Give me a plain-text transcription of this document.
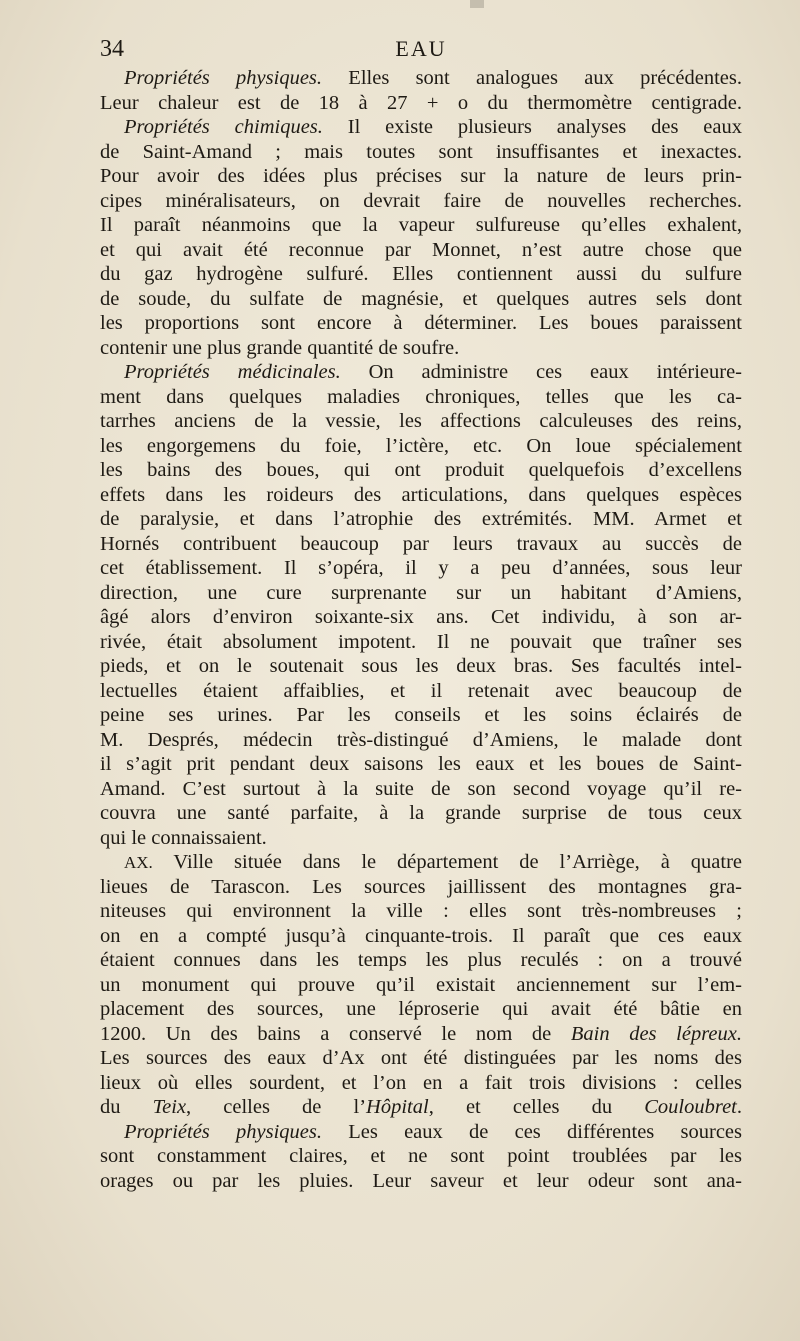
34	EAU
Propriétés physiques. Elles sont analogues aux précédentes.
Leur chaleur est de 18 à 27 + o du thermomètre centigrade.
Propriétés chimiques. Il existe plusieurs analyses des eaux
de Saint-Amand ; mais toutes sont insuffisantes et inexactes.
Pour avoir des idées plus précises sur la nature de leurs prin-
cipes minéralisateurs, on devrait faire de nouvelles recherches.
Il paraît néanmoins que la vapeur sulfureuse qu’elles exhalent,
et qui avait été reconnue par Monnet, n’est autre chose que
du gaz hydrogène sulfuré. Elles contiennent aussi du sulfure
de soude, du sulfate de magnésie, et quelques autres sels dont
les proportions sont encore à déterminer. Les boues paraissent
contenir une plus grande quantité de soufre.
Propriétés médicinales. On administre ces eaux intérieure-
ment dans quelques maladies chroniques, telles que les ca-
tarrhes anciens de la vessie, les affections calculeuses des reins,
les engorgemens du foie, l’ictère, etc. On loue spécialement
les bains des boues, qui ont produit quelquefois d’excellens
effets dans les roideurs des articulations, dans quelques espèces
de paralysie, et dans l’atrophie des extrémités. MM. Armet et
Hornés contribuent beaucoup par leurs travaux au succès de
cet établissement. Il s’opéra, il y a peu d’années, sous leur
direction, une cure surprenante sur un habitant d’Amiens,
âgé alors d’environ soixante-six ans. Cet individu, à son ar-
rivée, était absolument impotent. Il ne pouvait que traîner ses
pieds, et on le soutenait sous les deux bras. Ses facultés intel-
lectuelles étaient affaiblies, et il retenait avec beaucoup de
peine ses urines. Par les conseils et les soins éclairés de
M. Després, médecin très-distingué d’Amiens, le malade dont
il s’agit prit pendant deux saisons les eaux et les boues de Saint-
Amand. C’est surtout à la suite de son second voyage qu’il re-
couvra une santé parfaite, à la grande surprise de tous ceux
qui le connaissaient.
AX. Ville située dans le département de l’Arriège, à quatre
lieues de Tarascon. Les sources jaillissent des montagnes gra-
niteuses qui environnent la ville : elles sont très-nombreuses ;
on en a compté jusqu’à cinquante-trois. Il paraît que ces eaux
étaient connues dans les temps les plus reculés : on a trouvé
un monument qui prouve qu’il existait anciennement sur l’em-
placement des sources, une léproserie qui avait été bâtie en
1200. Un des bains a conservé le nom de Bain des lépreux.
Les sources des eaux d’Ax ont été distinguées par les noms des
lieux où elles sourdent, et l’on en a fait trois divisions : celles
du Teix, celles de l’Hôpital, et celles du Couloubret.
Propriétés physiques. Les eaux de ces différentes sources
sont constamment claires, et ne sont point troublées par les
orages ou par les pluies. Leur saveur et leur odeur sont ana-
